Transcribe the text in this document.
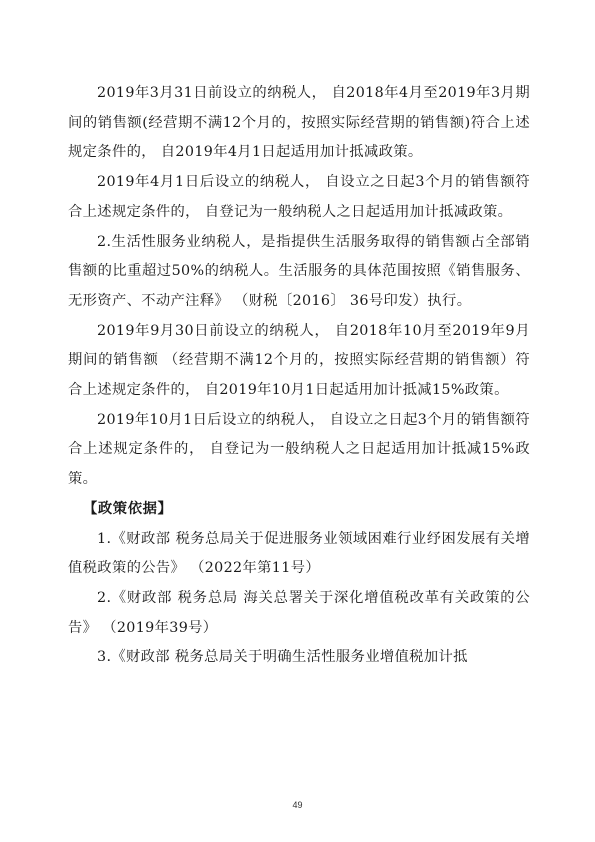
2019年3月31日前设立的纳税人， 自2018年4月至2019年3月期间的销售额(经营期不满12个月的，按照实际经营期的销售额)符合上述规定条件的， 自2019年4月1日起适用加计抵减政策。

2019年4月1日后设立的纳税人， 自设立之日起3个月的销售额符合上述规定条件的， 自登记为一般纳税人之日起适用加计抵减政策。

2.生活性服务业纳税人，是指提供生活服务取得的销售额占全部销售额的比重超过50%的纳税人。生活服务的具体范围按照《销售服务、无形资产、不动产注释》 （财税〔2016〕 36号印发）执行。

2019年9月30日前设立的纳税人， 自2018年10月至2019年9月期间的销售额 （经营期不满12个月的，按照实际经营期的销售额）符合上述规定条件的， 自2019年10月1日起适用加计抵减15%政策。

2019年10月1日后设立的纳税人， 自设立之日起3个月的销售额符合上述规定条件的， 自登记为一般纳税人之日起适用加计抵减15%政策。

【政策依据】

1.《财政部 税务总局关于促进服务业领域困难行业纾困发展有关增值税政策的公告》 （2022年第11号）

2.《财政部 税务总局 海关总署关于深化增值税改革有关政策的公告》 （2019年39号）

3.《财政部 税务总局关于明确生活性服务业增值税加计抵

49
